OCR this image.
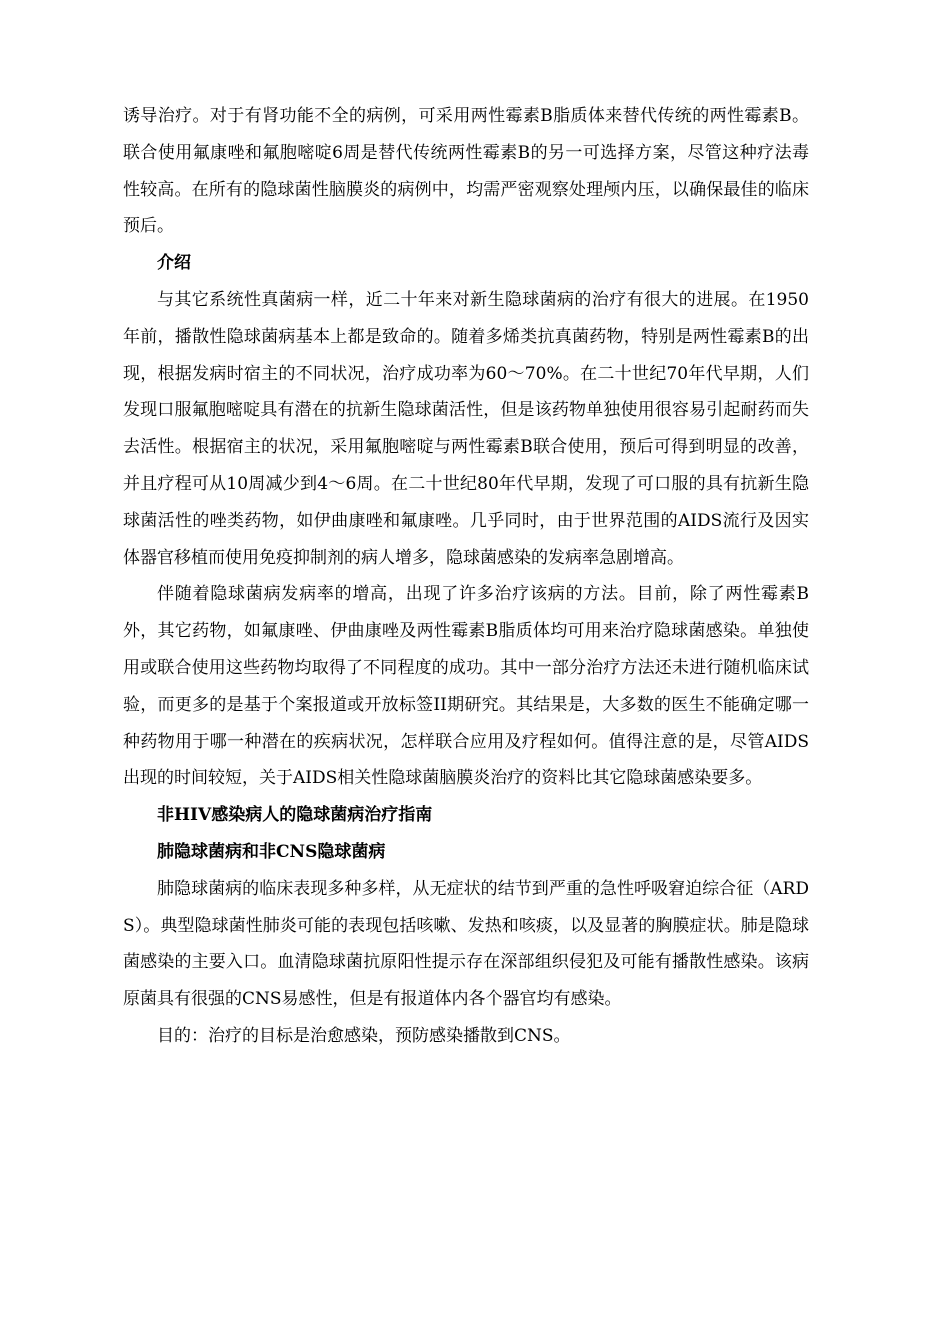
诱导治疗。对于有肾功能不全的病例，可采用两性霉素B脂质体来替代传统的两性霉素B。联合使用氟康唑和氟胞嘧啶6周是替代传统两性霉素B的另一可选择方案，尽管这种疗法毒性较高。在所有的隐球菌性脑膜炎的病例中，均需严密观察处理颅内压，以确保最佳的临床预后。

介绍

与其它系统性真菌病一样，近二十年来对新生隐球菌病的治疗有很大的进展。在1950年前，播散性隐球菌病基本上都是致命的。随着多烯类抗真菌药物，特别是两性霉素B的出现，根据发病时宿主的不同状况，治疗成功率为60～70%。在二十世纪70年代早期，人们发现口服氟胞嘧啶具有潜在的抗新生隐球菌活性，但是该药物单独使用很容易引起耐药而失去活性。根据宿主的状况，采用氟胞嘧啶与两性霉素B联合使用，预后可得到明显的改善，并且疗程可从10周减少到4～6周。在二十世纪80年代早期，发现了可口服的具有抗新生隐球菌活性的唑类药物，如伊曲康唑和氟康唑。几乎同时，由于世界范围的AIDS流行及因实体器官移植而使用免疫抑制剂的病人增多，隐球菌感染的发病率急剧增高。

伴随着隐球菌病发病率的增高，出现了许多治疗该病的方法。目前，除了两性霉素B外，其它药物，如氟康唑、伊曲康唑及两性霉素B脂质体均可用来治疗隐球菌感染。单独使用或联合使用这些药物均取得了不同程度的成功。其中一部分治疗方法还未进行随机临床试验，而更多的是基于个案报道或开放标签II期研究。其结果是，大多数的医生不能确定哪一种药物用于哪一种潜在的疾病状况，怎样联合应用及疗程如何。值得注意的是，尽管AIDS出现的时间较短，关于AIDS相关性隐球菌脑膜炎治疗的资料比其它隐球菌感染要多。

非HIV感染病人的隐球菌病治疗指南

肺隐球菌病和非CNS隐球菌病

肺隐球菌病的临床表现多种多样，从无症状的结节到严重的急性呼吸窘迫综合征（ARDS）。典型隐球菌性肺炎可能的表现包括咳嗽、发热和咳痰，以及显著的胸膜症状。肺是隐球菌感染的主要入口。血清隐球菌抗原阳性提示存在深部组织侵犯及可能有播散性感染。该病原菌具有很强的CNS易感性，但是有报道体内各个器官均有感染。

目的：治疗的目标是治愈感染，预防感染播散到CNS。
